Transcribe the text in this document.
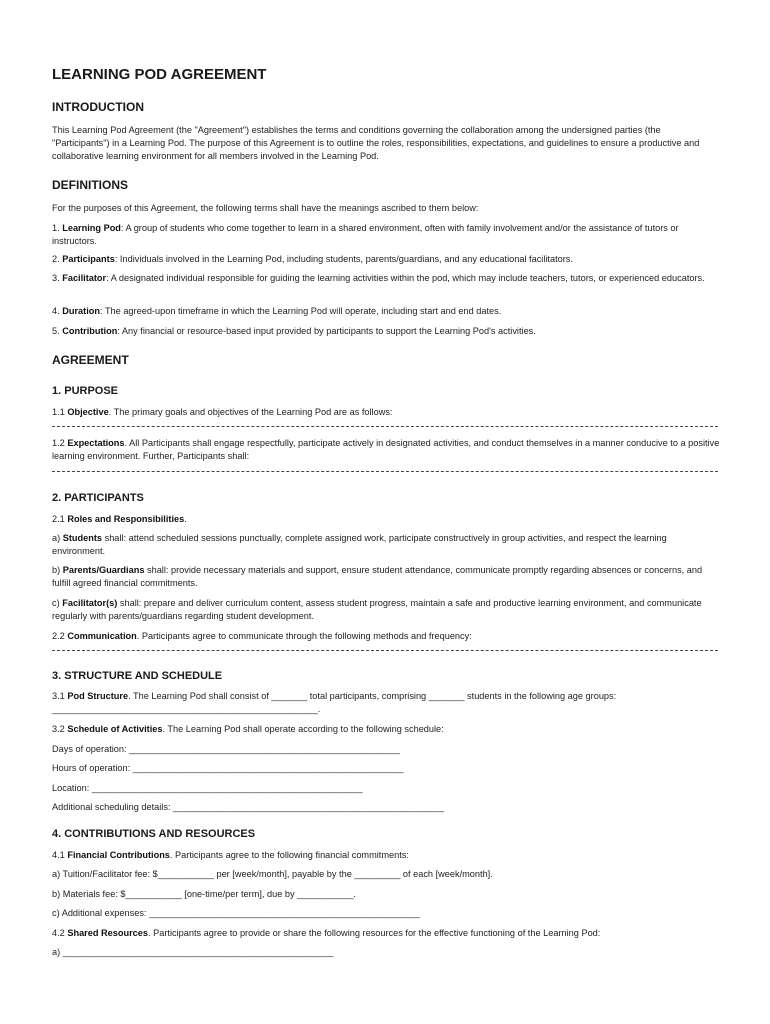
LEARNING POD AGREEMENT
INTRODUCTION

This Learning Pod Agreement (the "Agreement") establishes the terms and conditions governing the collaboration among the undersigned parties (the "Participants") in a Learning Pod. The purpose of this Agreement is to outline the roles, responsibilities, expectations, and guidelines to ensure a productive and collaborative learning environment for all members involved in the Learning Pod.

DEFINITIONS

For the purposes of this Agreement, the following terms shall have the meanings ascribed to them below:

1. Learning Pod: A group of students who come together to learn in a shared environment, often with family involvement and/or the assistance of tutors or instructors.

2. Participants: Individuals involved in the Learning Pod, including students, parents/guardians, and any educational facilitators.

3. Facilitator: A designated individual responsible for guiding the learning activities within the pod, which may include teachers, tutors, or experienced educators.

4. Duration: The agreed-upon timeframe in which the Learning Pod will operate, including start and end dates.

5. Contribution: Any financial or resource-based input provided by participants to support the Learning Pod's activities.

AGREEMENT
1. PURPOSE

1.1 Objective. The primary goals and objectives of the Learning Pod are as follows:

1.2 Expectations. All Participants shall engage respectfully, participate actively in designated activities, and conduct themselves in a manner conducive to a positive learning environment. Further, Participants shall:

2. PARTICIPANTS

2.1 Roles and Responsibilities.

a) Students shall: attend scheduled sessions punctually, complete assigned work, participate constructively in group activities, and respect the learning environment.

b) Parents/Guardians shall: provide necessary materials and support, ensure student attendance, communicate promptly regarding absences or concerns, and fulfill agreed financial commitments.

c) Facilitator(s) shall: prepare and deliver curriculum content, assess student progress, maintain a safe and productive learning environment, and communicate regularly with parents/guardians regarding student development.

2.2 Communication. Participants agree to communicate through the following methods and frequency:

3. STRUCTURE AND SCHEDULE

3.1 Pod Structure. The Learning Pod shall consist of _______ total participants, comprising _______ students in the following age groups: ____________________________________________________.

3.2 Schedule of Activities. The Learning Pod shall operate according to the following schedule:

Days of operation: _____________________________________________________

Hours of operation: _____________________________________________________

Location: _____________________________________________________

Additional scheduling details: _____________________________________________________

4. CONTRIBUTIONS AND RESOURCES

4.1 Financial Contributions. Participants agree to the following financial commitments:

a) Tuition/Facilitator fee: $___________ per [week/month], payable by the _________ of each [week/month].

b) Materials fee: $___________ [one-time/per term], due by ___________.

c) Additional expenses: _____________________________________________________

4.2 Shared Resources. Participants agree to provide or share the following resources for the effective functioning of the Learning Pod:

a) _____________________________________________________
